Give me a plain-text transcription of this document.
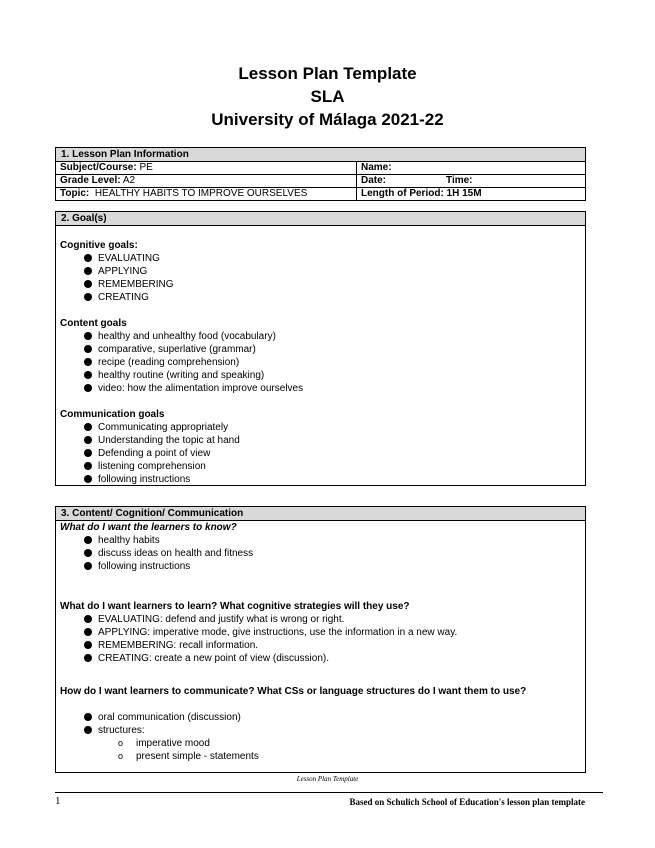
Lesson Plan Template
SLA
University of Málaga 2021-22
1. Lesson Plan Information
Subject/Course: PE	Name:
Grade Level: A2	Date: Time:
Topic: HEALTHY HABITS TO IMPROVE OURSELVES	Length of Period: 1H 15M
2. Goal(s)
Cognitive goals:
EVALUATING
APPLYING
REMEMBERING
CREATING
Content goals
healthy and unhealthy food (vocabulary)
comparative, superlative (grammar)
recipe (reading comprehension)
healthy routine (writing and speaking)
video: how the alimentation improve ourselves
Communication goals
Communicating appropriately
Understanding the topic at hand
Defending a point of view
listening comprehension
following instructions
3. Content/ Cognition/ Communication
What do I want the learners to know?
healthy habits
discuss ideas on health and fitness
following instructions
What do I want learners to learn? What cognitive strategies will they use?
EVALUATING: defend and justify what is wrong or right.
APPLYING: imperative mode, give instructions, use the information in a new way.
REMEMBERING: recall information.
CREATING: create a new point of view (discussion).
How do I want learners to communicate? What CSs or language structures do I want them to use?
oral communication (discussion)
structures:
o imperative mood
o present simple - statements
Lesson Plan Template
1	Based on Schulich School of Education's lesson plan template
